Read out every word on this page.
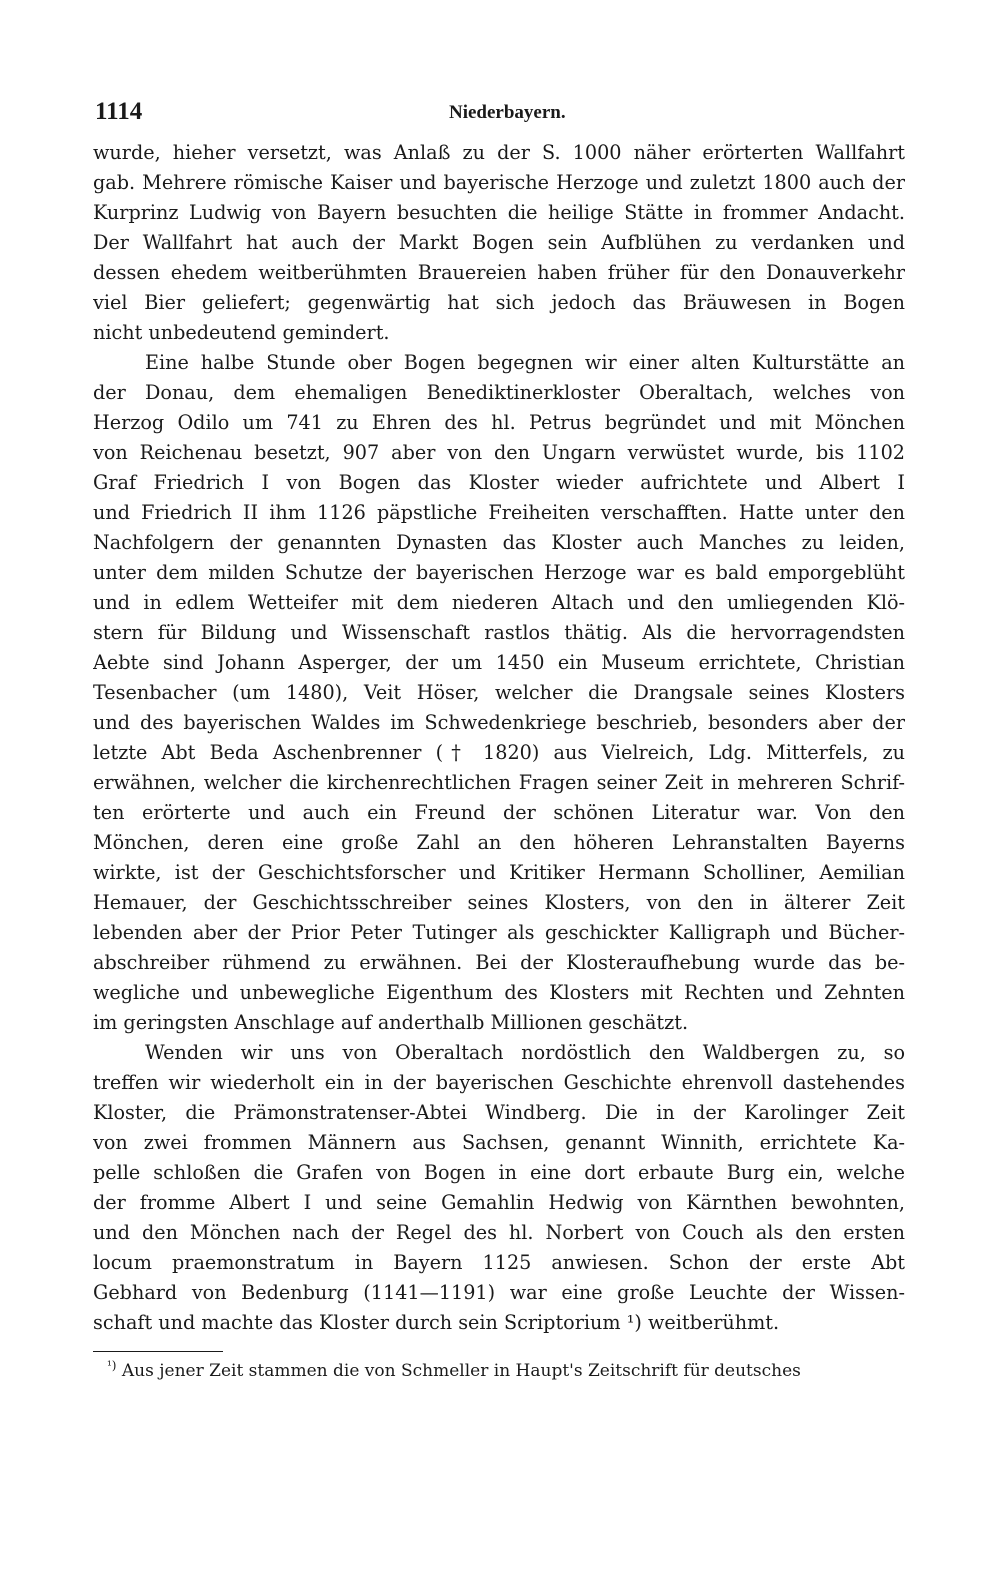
1114	Niederbayern.
wurde, hieher versetzt, was Anlaß zu der S. 1000 näher erörterten Wallfahrt
gab. Mehrere römische Kaiser und bayerische Herzoge und zuletzt 1800 auch der
Kurprinz Ludwig von Bayern besuchten die heilige Stätte in frommer Andacht.
Der Wallfahrt hat auch der Markt Bogen sein Aufblühen zu verdanken und
dessen ehedem weitberühmten Brauereien haben früher für den Donauverkehr
viel Bier geliefert; gegenwärtig hat sich jedoch das Bräuwesen in Bogen
nicht unbedeutend gemindert.
Eine halbe Stunde ober Bogen begegnen wir einer alten Kulturstätte an
der Donau, dem ehemaligen Benediktinerkloster Oberaltach, welches von
Herzog Odilo um 741 zu Ehren des hl. Petrus begründet und mit Mönchen
von Reichenau besetzt, 907 aber von den Ungarn verwüstet wurde, bis 1102
Graf Friedrich I von Bogen das Kloster wieder aufrichtete und Albert I
und Friedrich II ihm 1126 päpstliche Freiheiten verschafften. Hatte unter den
Nachfolgern der genannten Dynasten das Kloster auch Manches zu leiden,
unter dem milden Schutze der bayerischen Herzoge war es bald emporgeblüht
und in edlem Wetteifer mit dem niederen Altach und den umliegenden Klö-
stern für Bildung und Wissenschaft rastlos thätig. Als die hervorragendsten
Aebte sind Johann Asperger, der um 1450 ein Museum errichtete, Christian
Tesenbacher (um 1480), Veit Höser, welcher die Drangsale seines Klosters
und des bayerischen Waldes im Schwedenkriege beschrieb, besonders aber der
letzte Abt Beda Aschenbrenner († 1820) aus Vielreich, Ldg. Mitterfels, zu
erwähnen, welcher die kirchenrechtlichen Fragen seiner Zeit in mehreren Schrif-
ten erörterte und auch ein Freund der schönen Literatur war. Von den
Mönchen, deren eine große Zahl an den höheren Lehranstalten Bayerns
wirkte, ist der Geschichtsforscher und Kritiker Hermann Scholliner, Aemilian
Hemauer, der Geschichtsschreiber seines Klosters, von den in älterer Zeit
lebenden aber der Prior Peter Tutinger als geschickter Kalligraph und Bücher-
abschreiber rühmend zu erwähnen. Bei der Klosteraufhebung wurde das be-
wegliche und unbewegliche Eigenthum des Klosters mit Rechten und Zehnten
im geringsten Anschlage auf anderthalb Millionen geschätzt.
Wenden wir uns von Oberaltach nordöstlich den Waldbergen zu, so
treffen wir wiederholt ein in der bayerischen Geschichte ehrenvoll dastehendes
Kloster, die Prämonstratenser-Abtei Windberg. Die in der Karolinger Zeit
von zwei frommen Männern aus Sachsen, genannt Winnith, errichtete Ka-
pelle schloßen die Grafen von Bogen in eine dort erbaute Burg ein, welche
der fromme Albert I und seine Gemahlin Hedwig von Kärnthen bewohnten,
und den Mönchen nach der Regel des hl. Norbert von Couch als den ersten
locum praemonstratum in Bayern 1125 anwiesen. Schon der erste Abt
Gebhard von Bedenburg (1141—1191) war eine große Leuchte der Wissen-
schaft und machte das Kloster durch sein Scriptorium ¹) weitberühmt.
$^{^1)}$ Aus jener Zeit stammen die von Schmeller in Haupt's Zeitschrift für deutsches
